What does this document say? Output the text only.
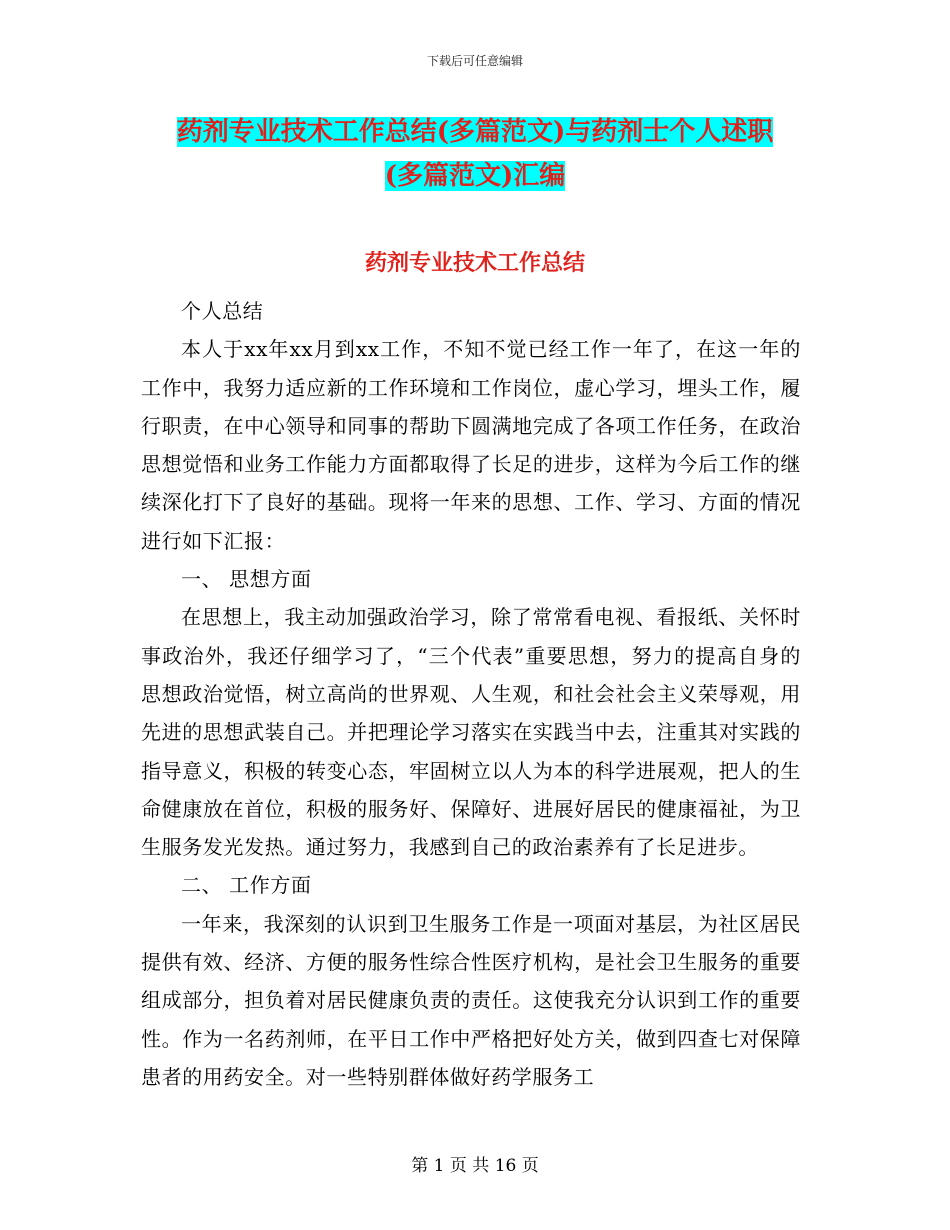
下载后可任意编辑
药剂专业技术工作总结(多篇范文)与药剂士个人述职
(多篇范文)汇编
药剂专业技术工作总结

个人总结

本人于xx年xx月到xx工作，不知不觉已经工作一年了，在这一年的工作中，我努力适应新的工作环境和工作岗位，虚心学习，埋头工作，履行职责，在中心领导和同事的帮助下圆满地完成了各项工作任务，在政治思想觉悟和业务工作能力方面都取得了长足的进步，这样为今后工作的继续深化打下了良好的基础。现将一年来的思想、工作、学习、方面的情况进行如下汇报：

一、 思想方面

在思想上，我主动加强政治学习，除了常常看电视、看报纸、关怀时事政治外，我还仔细学习了，“三个代表”重要思想，努力的提高自身的思想政治觉悟，树立高尚的世界观、人生观，和社会社会主义荣辱观，用先进的思想武装自己。并把理论学习落实在实践当中去，注重其对实践的指导意义，积极的转变心态，牢固树立以人为本的科学进展观，把人的生命健康放在首位，积极的服务好、保障好、进展好居民的健康福祉，为卫生服务发光发热。通过努力，我感到自己的政治素养有了长足进步。

二、 工作方面

一年来，我深刻的认识到卫生服务工作是一项面对基层，为社区居民提供有效、经济、方便的服务性综合性医疗机构，是社会卫生服务的重要组成部分，担负着对居民健康负责的责任。这使我充分认识到工作的重要性。作为一名药剂师，在平日工作中严格把好处方关，做到四查七对保障患者的用药安全。对一些特别群体做好药学服务工

第 1 页 共 16 页
